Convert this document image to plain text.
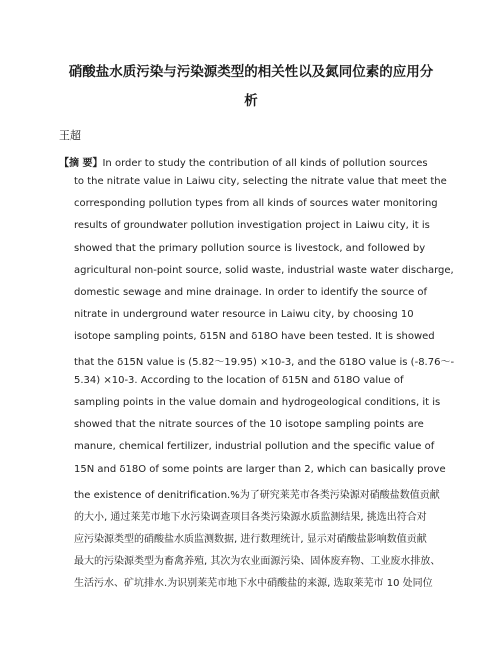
硝酸盐水质污染与污染源类型的相关性以及氮同位素的应用分
析
王超
【摘 要】In order to study the contribution of all kinds of pollution sources
to the nitrate value in Laiwu city, selecting the nitrate value that meet the
corresponding pollution types from all kinds of sources water monitoring
results of groundwater pollution investigation project in Laiwu city, it is
showed that the primary pollution source is livestock, and followed by
agricultural non-point source, solid waste, industrial waste water discharge,
domestic sewage and mine drainage. In order to identify the source of
nitrate in underground water resource in Laiwu city, by choosing 10
isotope sampling points, δ15N and δ18O have been tested. It is showed
that the δ15N value is (5.82～19.95) ×10-3, and the δ18O value is (-8.76～-
5.34) ×10-3. According to the location of δ15N and δ18O value of
sampling points in the value domain and hydrogeological conditions, it is
showed that the nitrate sources of the 10 isotope sampling points are
manure, chemical fertilizer, industrial pollution and the specific value of
15N and δ18O of some points are larger than 2, which can basically prove
the existence of denitrification.%为了研究莱芜市各类污染源对硝酸盐数值贡献
的大小, 通过莱芜市地下水污染调查项目各类污染源水质监测结果, 挑选出符合对
应污染源类型的硝酸盐水质监测数据, 进行数理统计, 显示对硝酸盐影响数值贡献
最大的污染源类型为畜禽养殖, 其次为农业面源污染、固体废弃物、工业废水排放、
生活污水、矿坑排水.为识别莱芜市地下水中硝酸盐的来源, 选取莱芜市 10 处同位
